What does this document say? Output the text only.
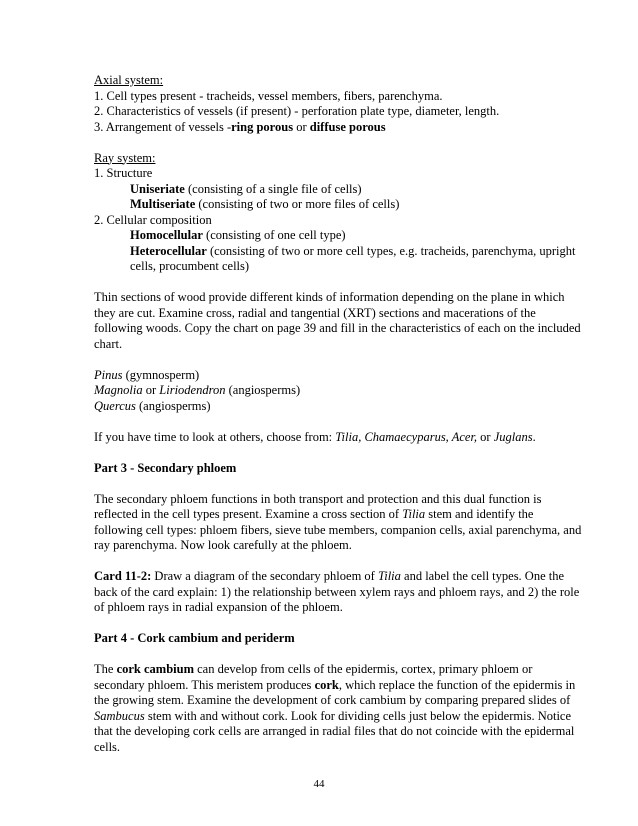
Axial system:

1. Cell types present - tracheids, vessel members, fibers, parenchyma.

2. Characteristics of vessels (if present) - perforation plate type, diameter, length.

3. Arrangement of vessels -ring porous or diffuse porous

Ray system:

1. Structure

Uniseriate (consisting of a single file of cells)

Multiseriate (consisting of two or more files of cells)

2. Cellular composition

Homocellular (consisting of one cell type)

Heterocellular (consisting of two or more cell types, e.g. tracheids, parenchyma, upright

cells, procumbent cells)

Thin sections of wood provide different kinds of information depending on the plane in which

they are cut. Examine cross, radial and tangential (XRT) sections and macerations of the

following woods. Copy the chart on page 39 and fill in the characteristics of each on the included

chart.

Pinus (gymnosperm)

Magnolia or Liriodendron (angiosperms)

Quercus (angiosperms)

If you have time to look at others, choose from: Tilia, Chamaecyparus, Acer, or Juglans.

Part 3 - Secondary phloem

The secondary phloem functions in both transport and protection and this dual function is

reflected in the cell types present. Examine a cross section of Tilia stem and identify the

following cell types: phloem fibers, sieve tube members, companion cells, axial parenchyma, and

ray parenchyma. Now look carefully at the phloem.

Card 11-2: Draw a diagram of the secondary phloem of Tilia and label the cell types. One the

back of the card explain: 1) the relationship between xylem rays and phloem rays, and 2) the role

of phloem rays in radial expansion of the phloem.

Part 4 - Cork cambium and periderm

The cork cambium can develop from cells of the epidermis, cortex, primary phloem or

secondary phloem. This meristem produces cork, which replace the function of the epidermis in

the growing stem. Examine the development of cork cambium by comparing prepared slides of

Sambucus stem with and without cork. Look for dividing cells just below the epidermis. Notice

that the developing cork cells are arranged in radial files that do not coincide with the epidermal

cells.

44
